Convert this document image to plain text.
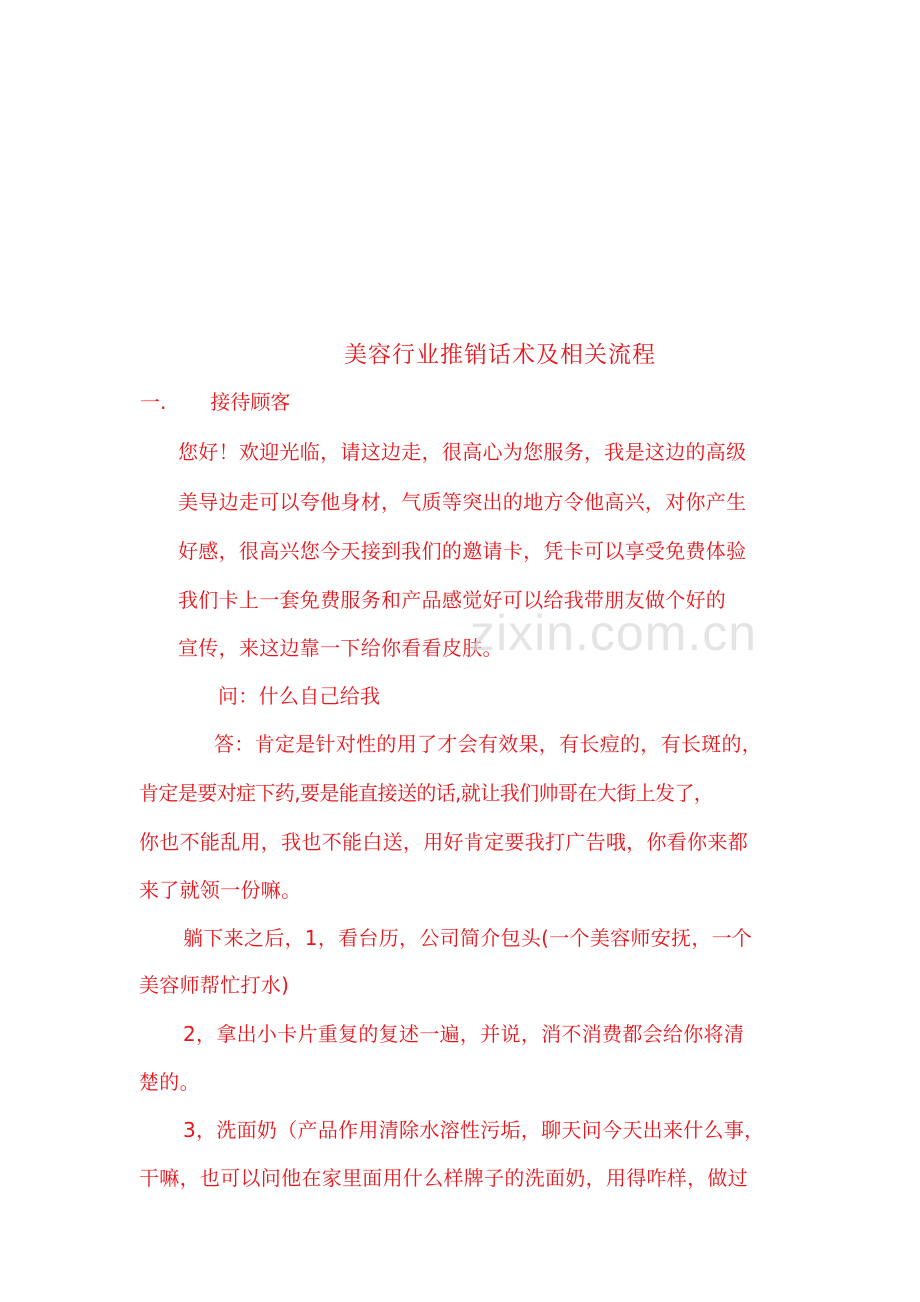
美容行业推销话术及相关流程
一. 接待顾客
您好！欢迎光临，请这边走，很高心为您服务，我是这边的高级
美导边走可以夸他身材，气质等突出的地方令他高兴，对你产生
好感，很高兴您今天接到我们的邀请卡，凭卡可以享受免费体验
我们卡上一套免费服务和产品感觉好可以给我带朋友做个好的
宣传，来这边靠一下给你看看皮肤。
问：什么自己给我
答：肯定是针对性的用了才会有效果，有长痘的，有长斑的，
肯定是要对症下药,要是能直接送的话,就让我们帅哥在大街上发了，
你也不能乱用，我也不能白送，用好肯定要我打广告哦，你看你来都
来了就领一份嘛。
躺下来之后，1，看台历，公司简介包头(一个美容师安抚，一个
美容师帮忙打水)
2，拿出小卡片重复的复述一遍，并说，消不消费都会给你将清
楚的。
3，洗面奶（产品作用清除水溶性污垢，聊天问今天出来什么事，
干嘛，也可以问他在家里面用什么样牌子的洗面奶，用得咋样，做过
zixin.com.cn
